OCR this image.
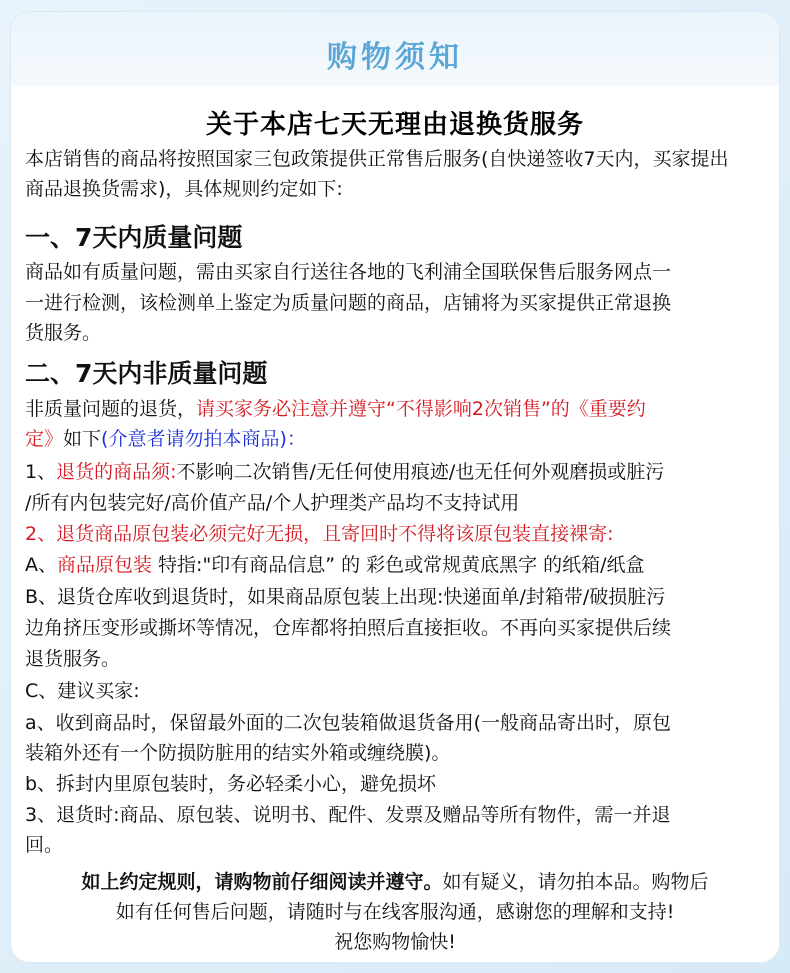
购物须知
关于本店七天无理由退换货服务
本店销售的商品将按照国家三包政策提供正常售后服务(自快递签收7天内，买家提出
商品退换货需求)，具体规则约定如下:
一、7天内质量问题
商品如有质量问题，需由买家自行送往各地的飞利浦全国联保售后服务网点一
一进行检测，该检测单上鉴定为质量问题的商品，店铺将为买家提供正常退换
货服务。
二、7天内非质量问题
非质量问题的退货，请买家务必注意并遵守“不得影响2次销售”的《重要约
定》如下(介意者请勿拍本商品)：
1、退货的商品须:不影响二次销售/无任何使用痕迹/也无任何外观磨损或脏污
/所有内包装完好/高价值产品/个人护理类产品均不支持试用
2、退货商品原包装必须完好无损，且寄回时不得将该原包装直接裸寄:
A、商品原包装 特指:"印有商品信息” 的 彩色或常规黄底黑字 的纸箱/纸盒
B、退货仓库收到退货时，如果商品原包装上出现:快递面单/封箱带/破损脏污
边角挤压变形或撕坏等情况，仓库都将拍照后直接拒收。不再向买家提供后续
退货服务。
C、建议买家:
a、收到商品时，保留最外面的二次包装箱做退货备用(一般商品寄出时，原包
装箱外还有一个防损防脏用的结实外箱或缠绕膜)。
b、拆封内里原包装时，务必轻柔小心，避免损坏
3、退货时:商品、原包装、说明书、配件、发票及赠品等所有物件，需一并退
回。
如上约定规则，请购物前仔细阅读并遵守。如有疑义，请勿拍本品。购物后
如有任何售后问题，请随时与在线客服沟通，感谢您的理解和支持!
祝您购物愉快!
